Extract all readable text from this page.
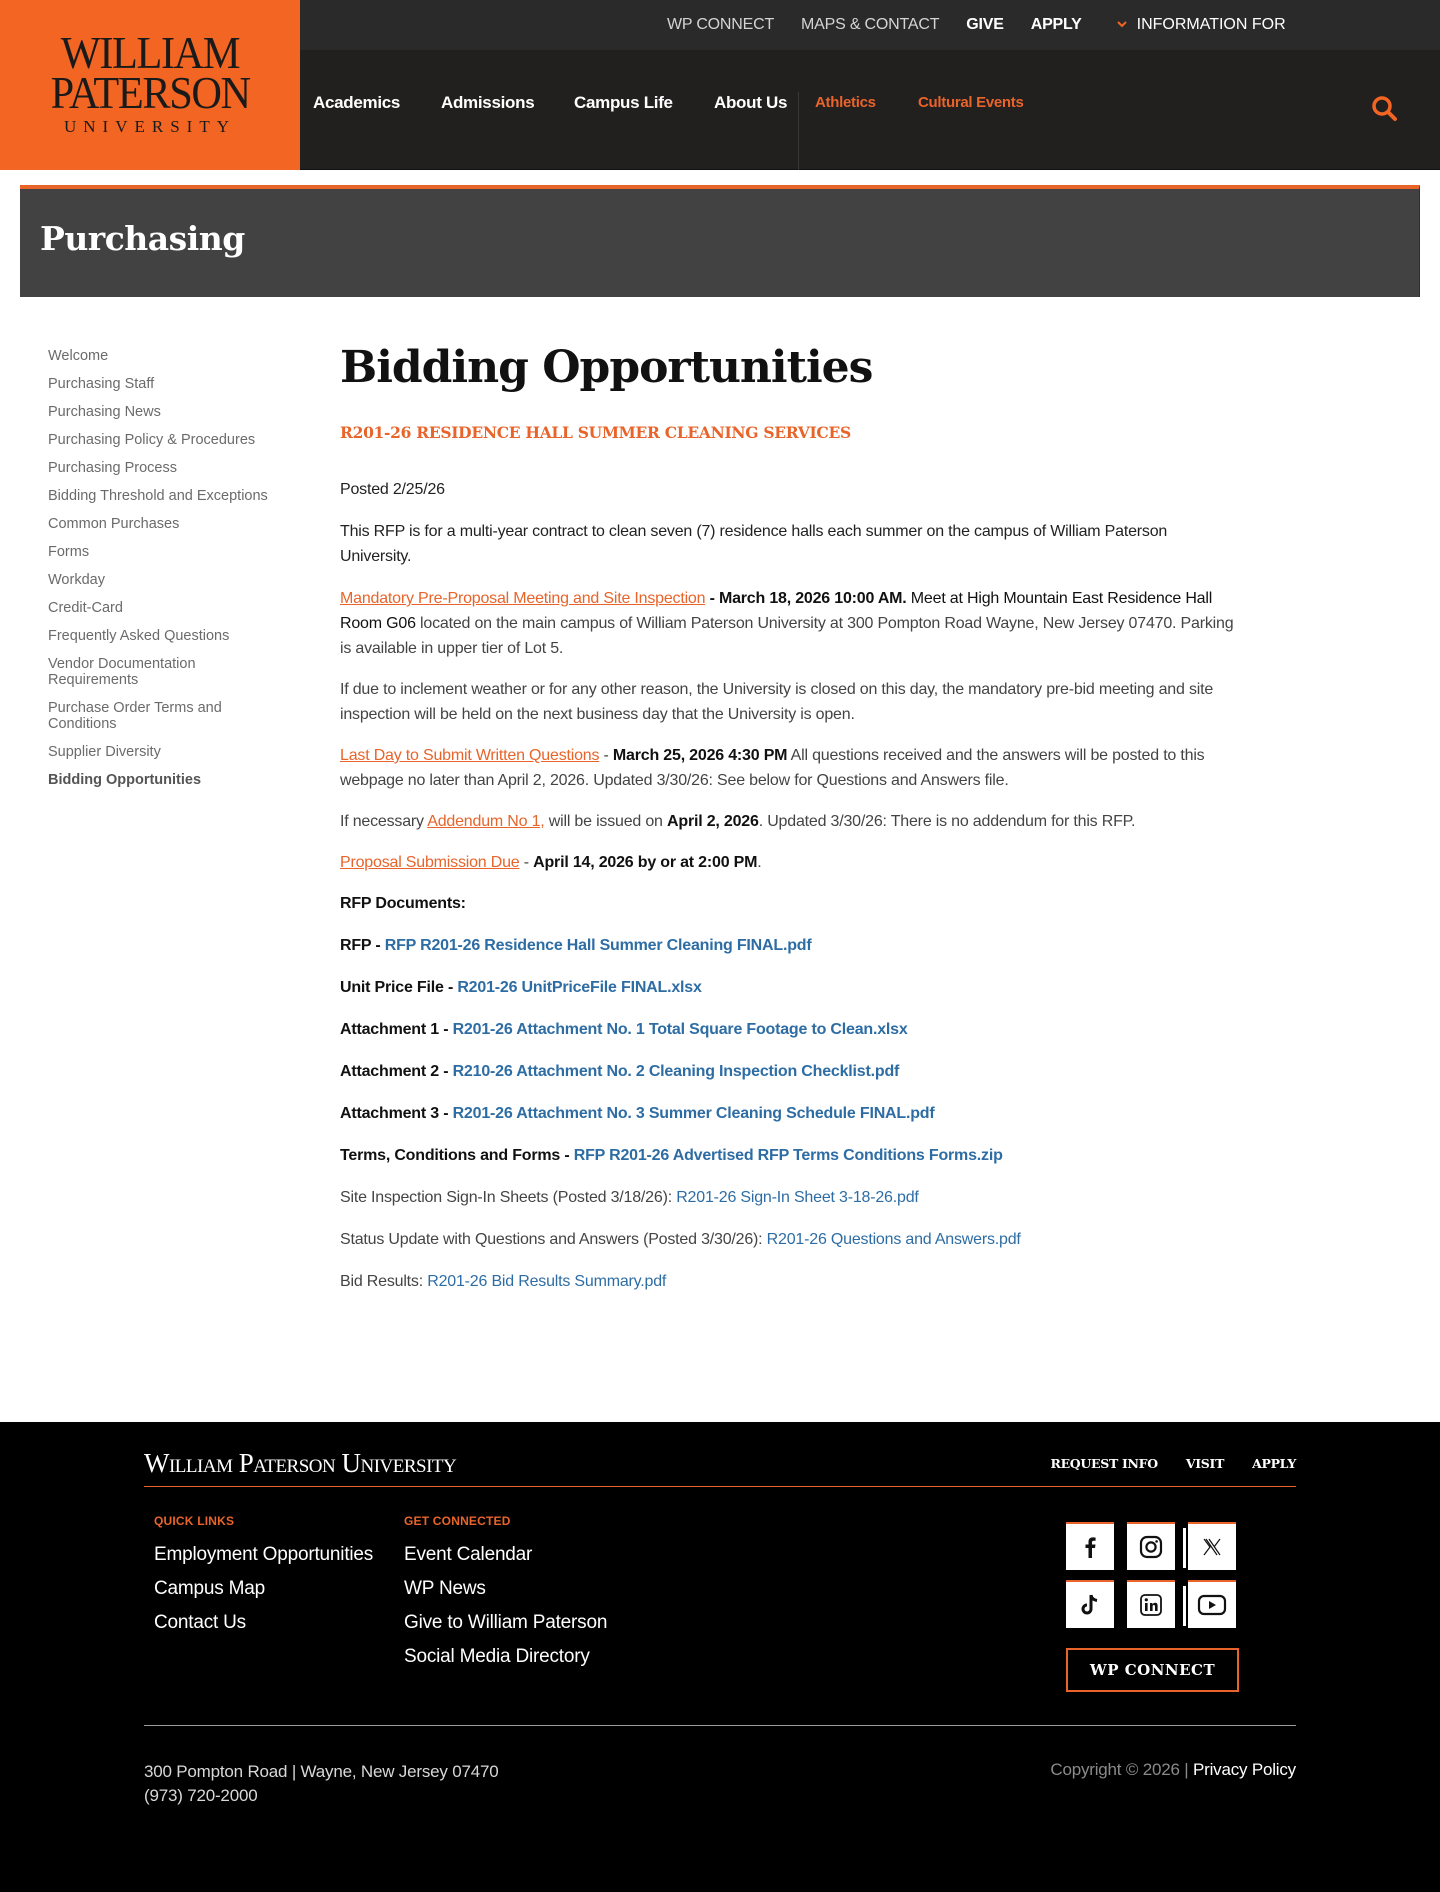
WILLIAM
PATERSON
UNIVERSITY
WP CONNECT MAPS & CONTACT GIVE APPLY	INFORMATION FOR
Academics Admissions Campus Life About Us Athletics	Cultural Events
Purchasing
Welcome
Purchasing Staff
Purchasing News
Purchasing Policy & Procedures
Purchasing Process
Bidding Threshold and Exceptions
Common Purchases
Forms
Workday
Credit-Card
Frequently Asked Questions
Vendor Documentation Requirements
Purchase Order Terms and Conditions
Supplier Diversity
Bidding Opportunities
Bidding Opportunities
R201-26 RESIDENCE HALL SUMMER CLEANING SERVICES

Posted 2/25/26

This RFP is for a multi-year contract to clean seven (7) residence halls each summer on the campus of William Paterson University.

Mandatory Pre-Proposal Meeting and Site Inspection - March 18, 2026 10:00 AM. Meet at High Mountain East Residence Hall Room G06 located on the main campus of William Paterson University at 300 Pompton Road Wayne, New Jersey 07470. Parking is available in upper tier of Lot 5.

If due to inclement weather or for any other reason, the University is closed on this day, the mandatory pre-bid meeting and site inspection will be held on the next business day that the University is open.

Last Day to Submit Written Questions - March 25, 2026 4:30 PM All questions received and the answers will be posted to this webpage no later than April 2, 2026. Updated 3/30/26: See below for Questions and Answers file.

If necessary Addendum No 1, will be issued on April 2, 2026. Updated 3/30/26: There is no addendum for this RFP.

Proposal Submission Due - April 14, 2026 by or at 2:00 PM.

RFP Documents:

RFP - RFP R201-26 Residence Hall Summer Cleaning FINAL.pdf

Unit Price File - R201-26 UnitPriceFile FINAL.xlsx

Attachment 1 - R201-26 Attachment No. 1 Total Square Footage to Clean.xlsx

Attachment 2 - R210-26 Attachment No. 2 Cleaning Inspection Checklist.pdf

Attachment 3 - R201-26 Attachment No. 3 Summer Cleaning Schedule FINAL.pdf

Terms, Conditions and Forms - RFP R201-26 Advertised RFP Terms Conditions Forms.zip

Site Inspection Sign-In Sheets (Posted 3/18/26): R201-26 Sign-In Sheet 3-18-26.pdf

Status Update with Questions and Answers (Posted 3/30/26): R201-26 Questions and Answers.pdf

Bid Results: R201-26 Bid Results Summary.pdf

William Paterson University	REQUEST INFO VISIT APPLY
QUICK LINKS
Employment Opportunities
Campus Map
Contact Us
GET CONNECTED
Event Calendar
WP News
Give to William Paterson
Social Media Directory
WP CONNECT
300 Pompton Road | Wayne, New Jersey 07470
(973) 720-2000
Copyright © 2026 | Privacy Policy
